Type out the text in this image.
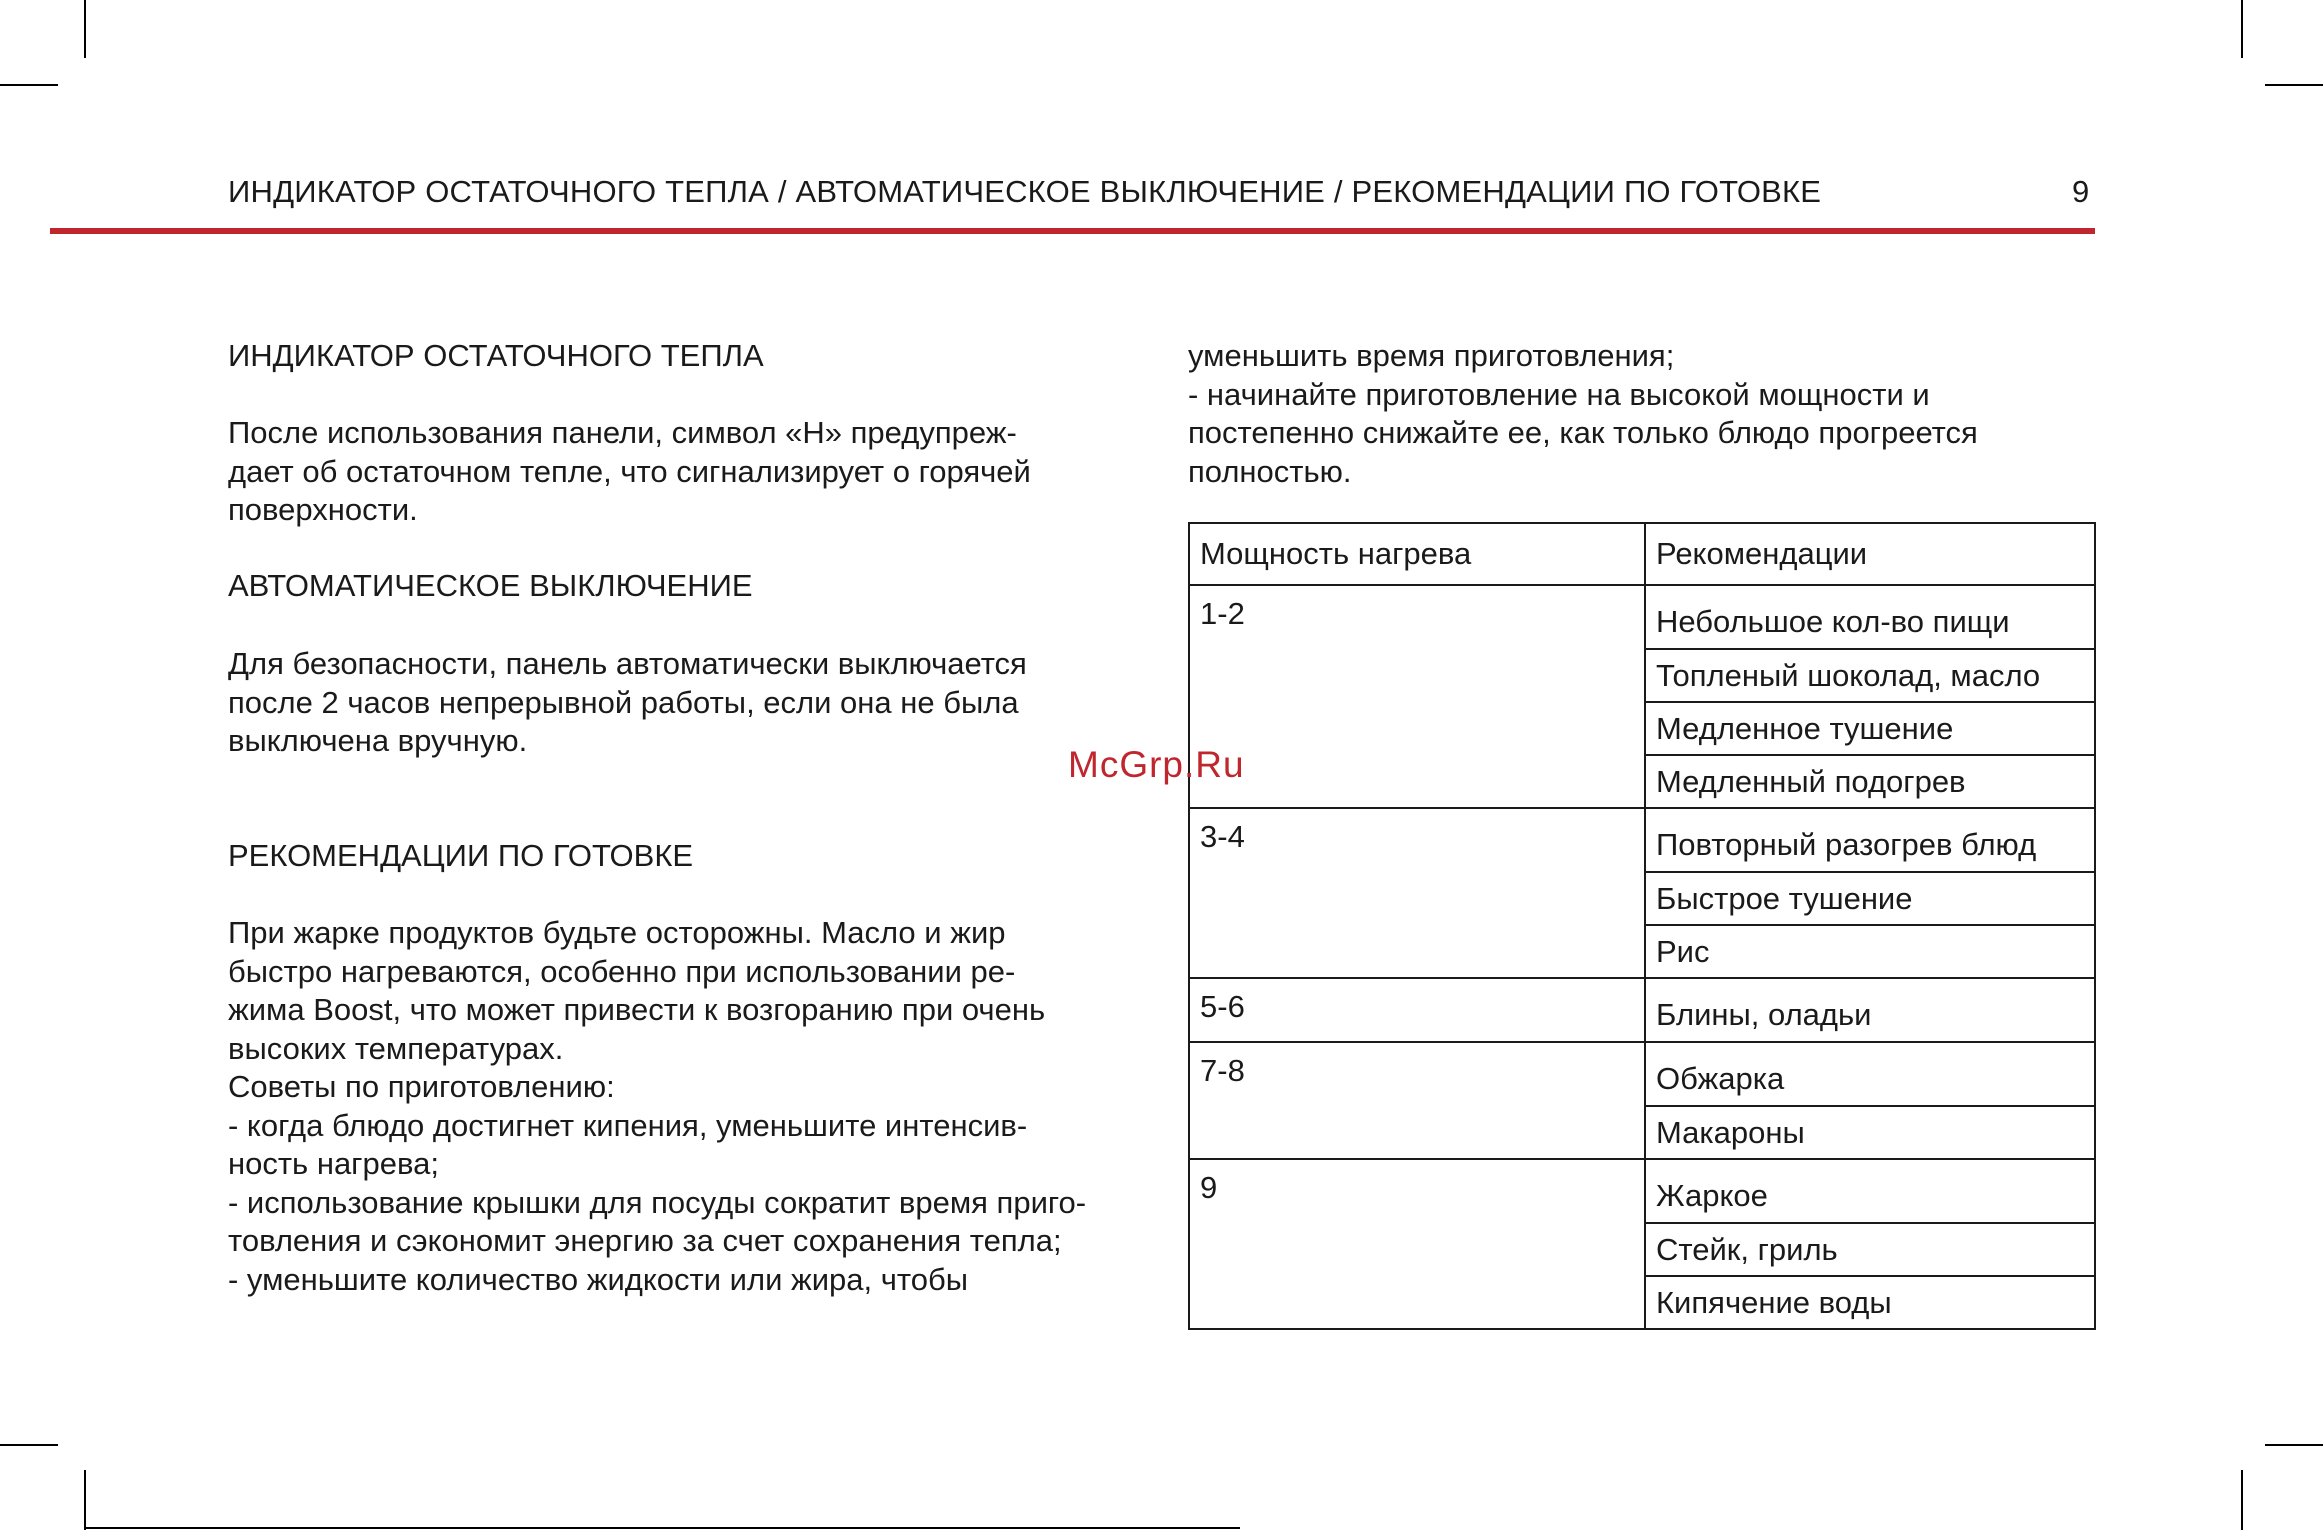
ИНДИКАТОР ОСТАТОЧНОГО ТЕПЛА / АВТОМАТИЧЕСКОЕ ВЫКЛЮЧЕНИЕ / РЕКОМЕНДАЦИИ ПО ГОТОВКЕ	9
ИНДИКАТОР ОСТАТОЧНОГО ТЕПЛА
После использования панели, символ «H» предупреж-
дает об остаточном тепле, что сигнализирует о горячей
поверхности.
АВТОМАТИЧЕСКОЕ ВЫКЛЮЧЕНИЕ
Для безопасности, панель автоматически выключается
после 2 часов непрерывной работы, если она не была
выключена вручную.
РЕКОМЕНДАЦИИ ПО ГОТОВКЕ
При жарке продуктов будьте осторожны. Масло и жир
быстро нагреваются, особенно при использовании ре-
жима Boost, что может привести к возгоранию при очень
высоких температурах.
Советы по приготовлению:
- когда блюдо достигнет кипения, уменьшите интенсив-
ность нагрева;
- использование крышки для посуды сократит время приго-
товления и сэкономит энергию за счет сохранения тепла;
- уменьшите количество жидкости или жира, чтобы
уменьшить время приготовления;
- начинайте приготовление на высокой мощности и
постепенно снижайте ее, как только блюдо прогреется
полностью.
Мощность нагрева	Рекомендации
1-2	Небольшое кол-во пищи
	Топленый шоколад, масло
	Медленное тушение
	Медленный подогрев
3-4	Повторный разогрев блюд
	Быстрое тушение
	Рис
5-6	Блины, оладьи
7-8	Обжарка
	Макароны
9	Жаркое
	Стейк, гриль
	Кипячение воды
McGrp.Ru
